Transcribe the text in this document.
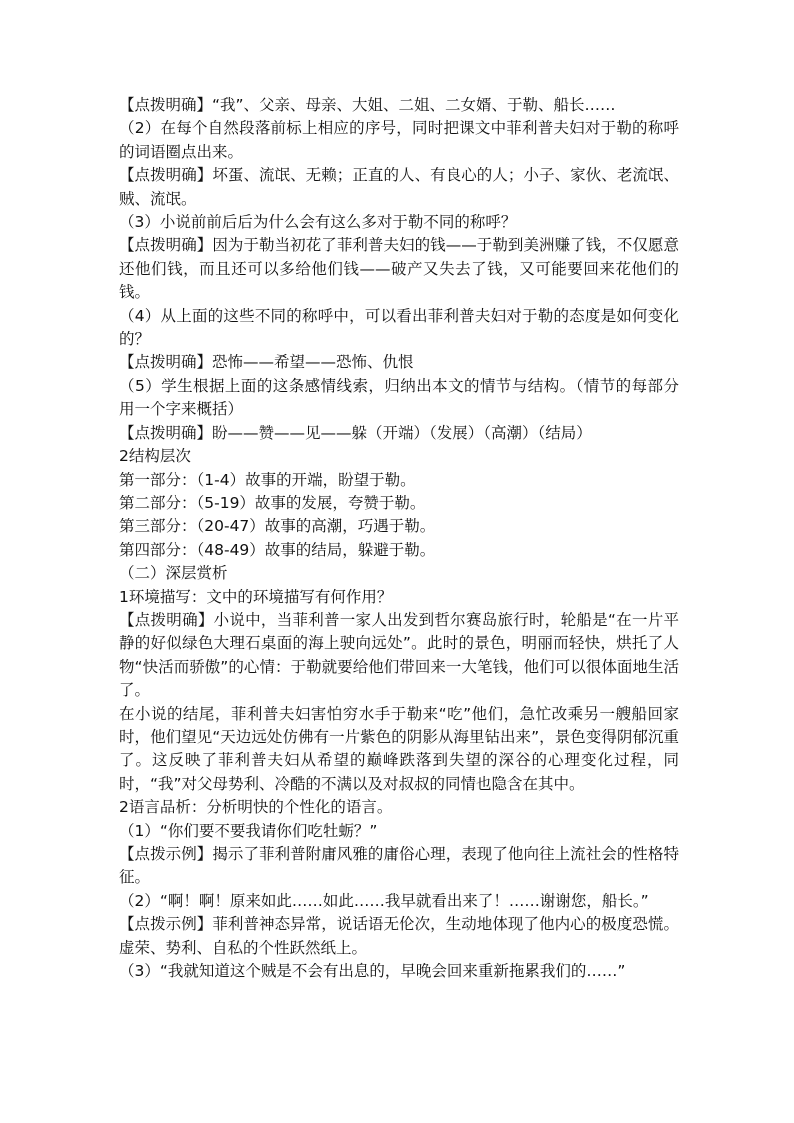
【点拨明确】“我”、父亲、母亲、大姐、二姐、二女婿、于勒、船长……

（2）在每个自然段落前标上相应的序号，同时把课文中菲利普夫妇对于勒的称呼的词语圈点出来。

【点拨明确】坏蛋、流氓、无赖；正直的人、有良心的人；小子、家伙、老流氓、贼、流氓。

（3）小说前前后后为什么会有这么多对于勒不同的称呼？

【点拨明确】因为于勒当初花了菲利普夫妇的钱——于勒到美洲赚了钱，不仅愿意还他们钱，而且还可以多给他们钱——破产又失去了钱，又可能要回来花他们的钱。

（4）从上面的这些不同的称呼中，可以看出菲利普夫妇对于勒的态度是如何变化的？

【点拨明确】恐怖——希望——恐怖、仇恨

（5）学生根据上面的这条感情线索，归纳出本文的情节与结构。（情节的每部分用一个字来概括）

【点拨明确】盼——赞——见——躲（开端）（发展）（高潮）（结局）

2结构层次

第一部分：（1-4）故事的开端，盼望于勒。

第二部分：（5-19）故事的发展，夸赞于勒。

第三部分：（20-47）故事的高潮，巧遇于勒。

第四部分：（48-49）故事的结局，躲避于勒。

（二）深层赏析

1环境描写：文中的环境描写有何作用？

【点拨明确】小说中，当菲利普一家人出发到哲尔赛岛旅行时，轮船是“在一片平静的好似绿色大理石桌面的海上驶向远处”。此时的景色，明丽而轻快，烘托了人物“快活而骄傲”的心情：于勒就要给他们带回来一大笔钱，他们可以很体面地生活了。

在小说的结尾，菲利普夫妇害怕穷水手于勒来“吃”他们，急忙改乘另一艘船回家时，他们望见“天边远处仿佛有一片紫色的阴影从海里钻出来”，景色变得阴郁沉重了。这反映了菲利普夫妇从希望的巅峰跌落到失望的深谷的心理变化过程，同时，“我”对父母势利、冷酷的不满以及对叔叔的同情也隐含在其中。

2语言品析：分析明快的个性化的语言。

（1）“你们要不要我请你们吃牡蛎？”

【点拨示例】揭示了菲利普附庸风雅的庸俗心理，表现了他向往上流社会的性格特征。

（2）“啊！啊！原来如此……如此……我早就看出来了！……谢谢您，船长。”

【点拨示例】菲利普神态异常，说话语无伦次，生动地体现了他内心的极度恐慌。虚荣、势利、自私的个性跃然纸上。

（3）“我就知道这个贼是不会有出息的，早晚会回来重新拖累我们的……”
